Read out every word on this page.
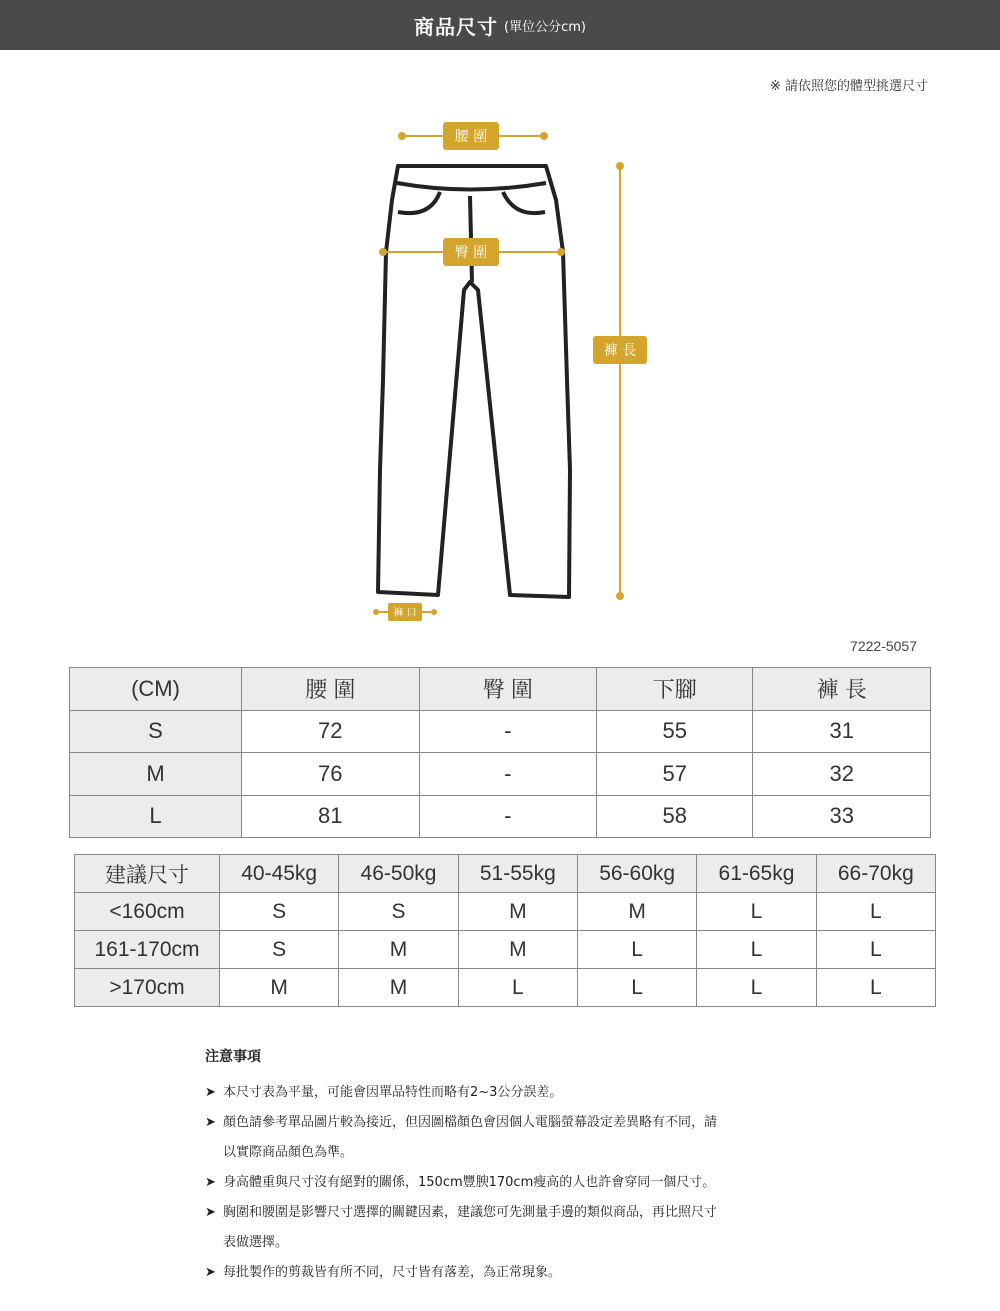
商品尺寸 (單位公分cm)
※ 請依照您的體型挑選尺寸
腰 圍
臀 圍
褲 長
褲 口
7222-5057
(CM)	腰 圍	臀 圍	下腳	褲 長
S	72	-	55	31
M	76	-	57	32
L	81	-	58	33
建議尺寸	40-45kg	46-50kg	51-55kg	56-60kg	61-65kg	66-70kg
<160cm	S	S	M	M	L	L
161-170cm	S	M	M	L	L	L
>170cm	M	M	L	L	L	L
注意事項
➤ 本尺寸表為平量，可能會因單品特性而略有2~3公分誤差。
➤ 顏色請參考單品圖片較為接近，但因圖檔顏色會因個人電腦螢幕設定差異略有不同，請
以實際商品顏色為準。
➤ 身高體重與尺寸沒有絕對的關係，150cm豐腴170cm瘦高的人也許會穿同一個尺寸。
➤ 胸圍和腰圍是影響尺寸選擇的關鍵因素，建議您可先測量手邊的類似商品，再比照尺寸
表做選擇。
➤ 每批製作的剪裁皆有所不同，尺寸皆有落差，為正常現象。
